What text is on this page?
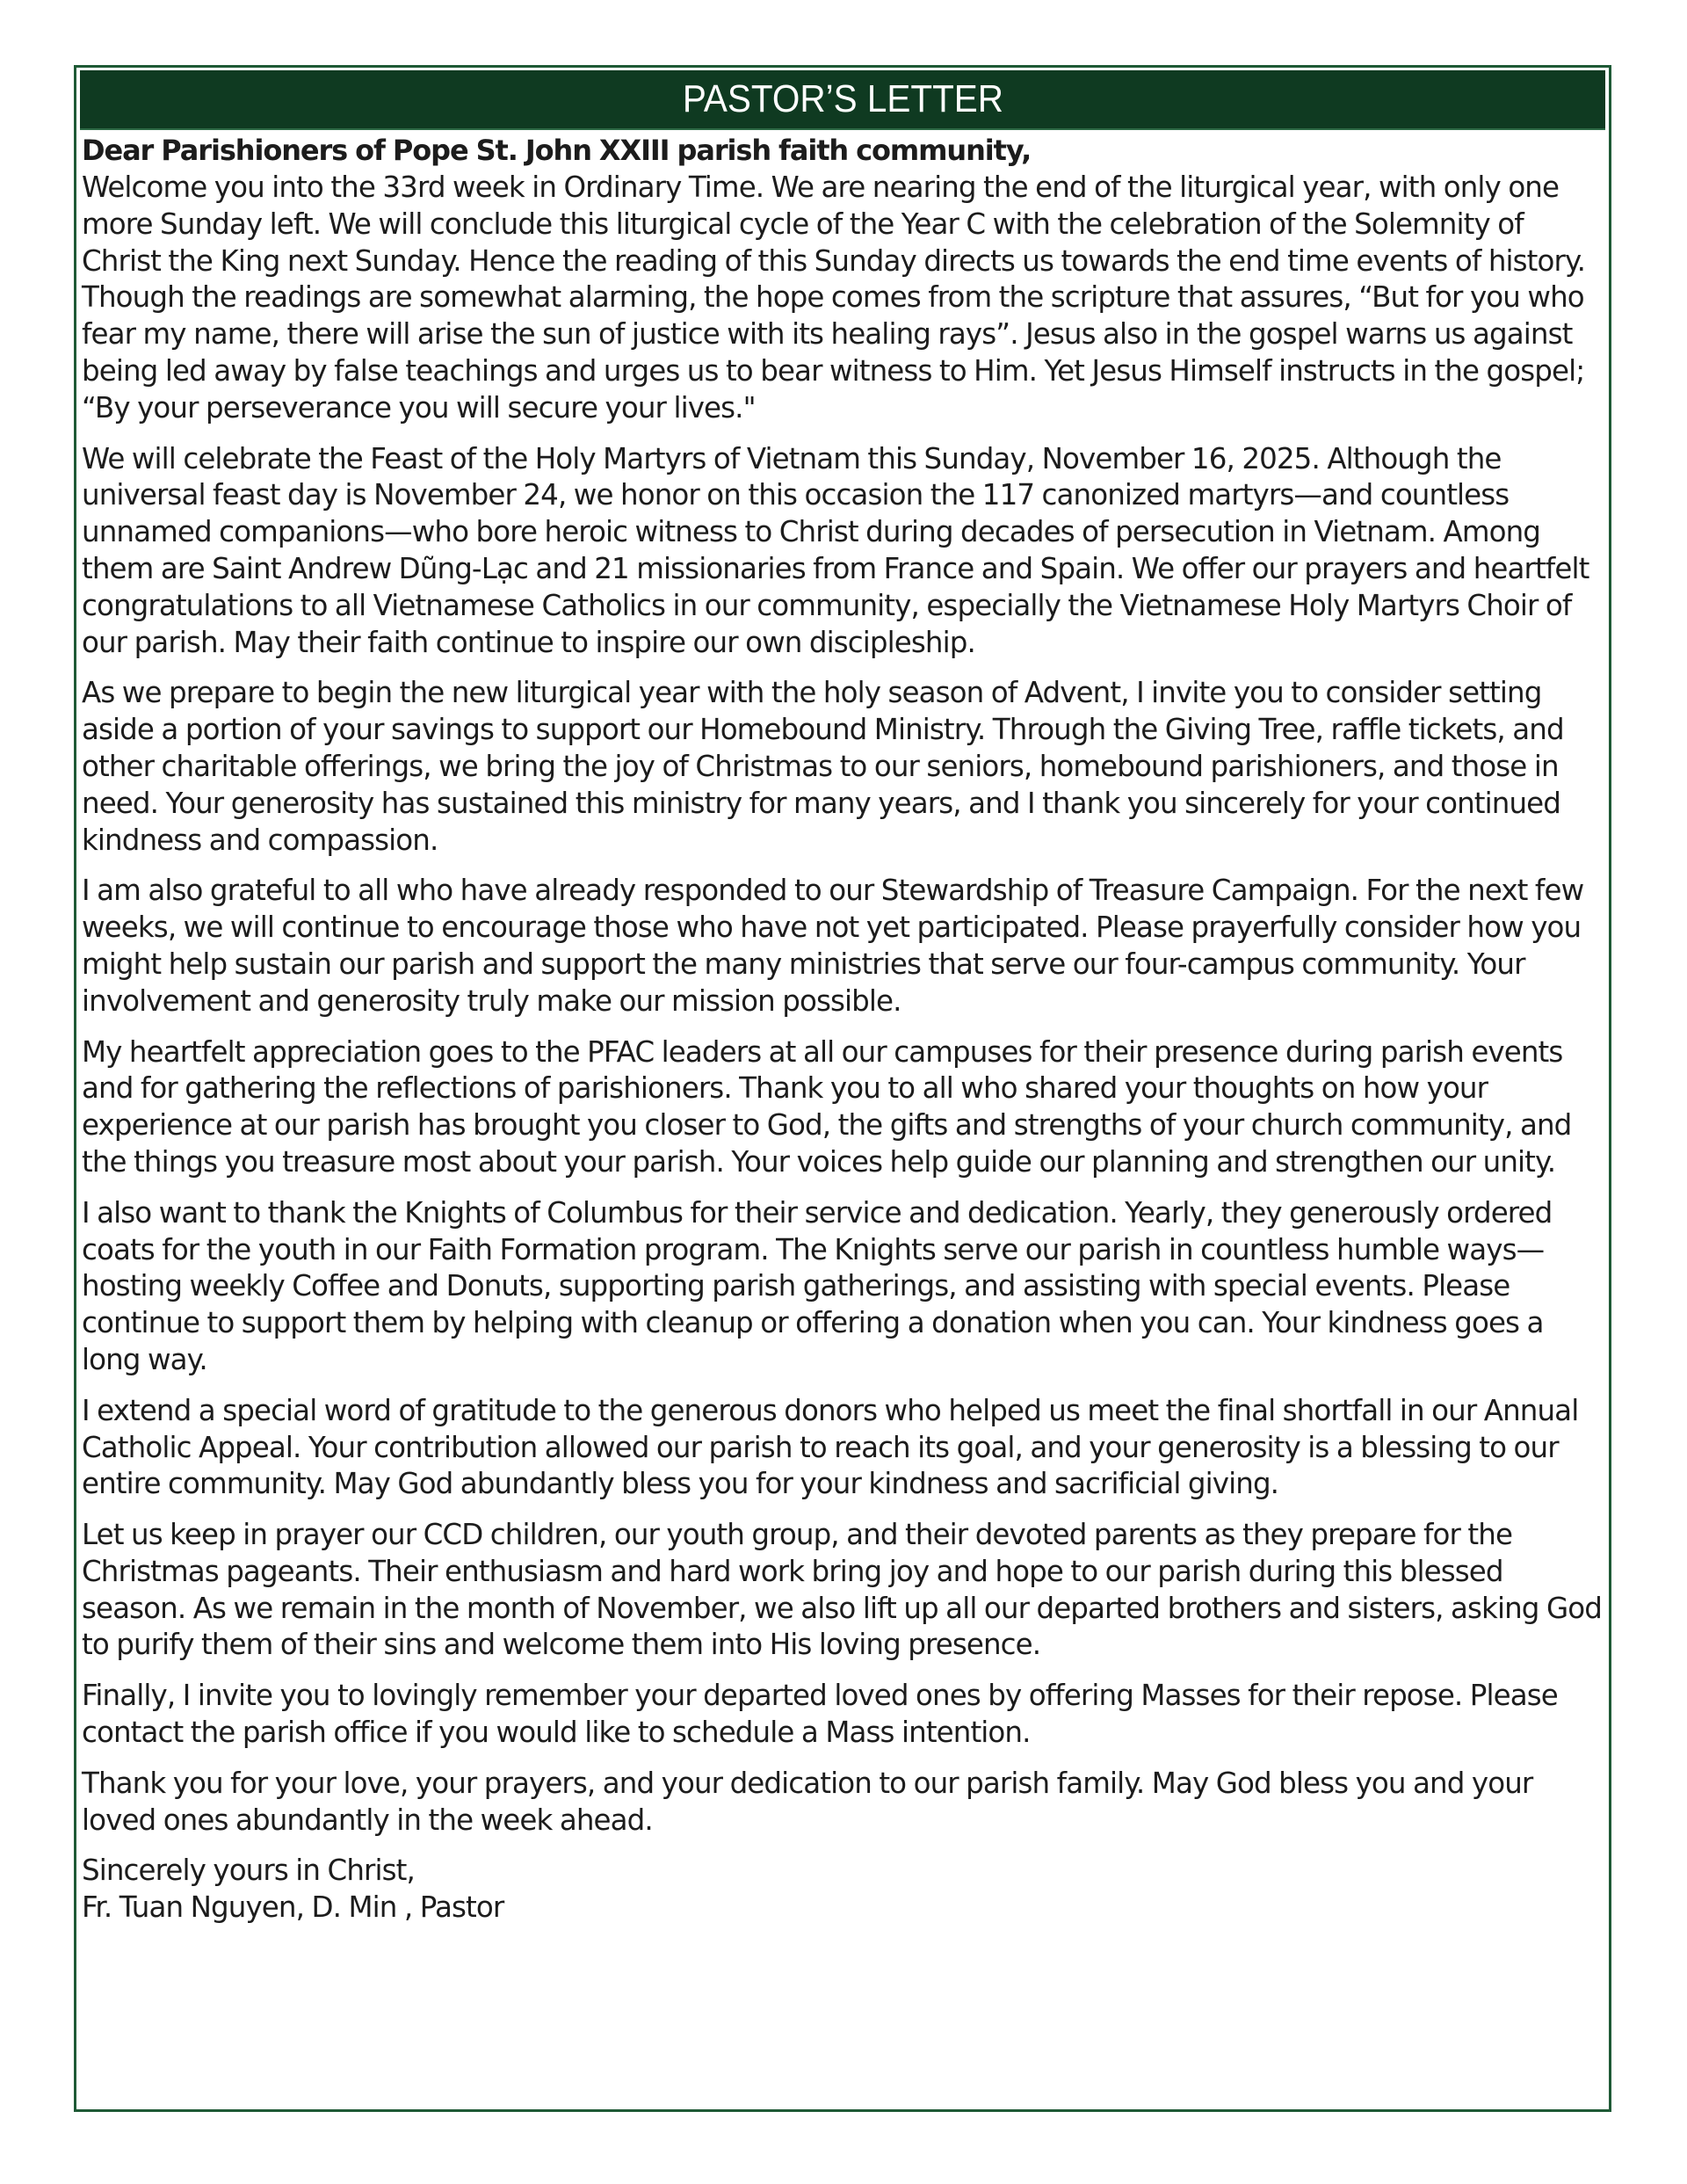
PASTOR’S LETTER

Dear Parishioners of Pope St. John XXIII parish faith community,

Welcome you into the 33rd week in Ordinary Time. We are nearing the end of the liturgical year, with only one more Sunday left. We will conclude this liturgical cycle of the Year C with the celebration of the Solemnity of Christ the King next Sunday. Hence the reading of this Sunday directs us towards the end time events of history. Though the readings are somewhat alarming, the hope comes from the scripture that assures, “But for you who fear my name, there will arise the sun of justice with its healing rays”. Jesus also in the gospel warns us against being led away by false teachings and urges us to bear witness to Him. Yet Jesus Himself instructs in the gospel; “By your perseverance you will secure your lives."

We will celebrate the Feast of the Holy Martyrs of Vietnam this Sunday, November 16, 2025. Although the universal feast day is November 24, we honor on this occasion the 117 canonized martyrs—and countless unnamed companions—who bore heroic witness to Christ during decades of persecution in Vietnam. Among them are Saint Andrew Dũng-Lạc and 21 missionaries from France and Spain. We offer our prayers and heartfelt congratulations to all Vietnamese Catholics in our community, especially the Vietnamese Holy Martyrs Choir of our parish. May their faith continue to inspire our own discipleship.

As we prepare to begin the new liturgical year with the holy season of Advent, I invite you to consider setting aside a portion of your savings to support our Homebound Ministry. Through the Giving Tree, raffle tickets, and other charitable offerings, we bring the joy of Christmas to our seniors, homebound parishioners, and those in need. Your generosity has sustained this ministry for many years, and I thank you sincerely for your continued kindness and compassion.

I am also grateful to all who have already responded to our Stewardship of Treasure Campaign. For the next few weeks, we will continue to encourage those who have not yet participated. Please prayerfully consider how you might help sustain our parish and support the many ministries that serve our four-campus community. Your involvement and generosity truly make our mission possible.

My heartfelt appreciation goes to the PFAC leaders at all our campuses for their presence during parish events and for gathering the reflections of parishioners. Thank you to all who shared your thoughts on how your experience at our parish has brought you closer to God, the gifts and strengths of your church community, and the things you treasure most about your parish. Your voices help guide our planning and strengthen our unity.

I also want to thank the Knights of Columbus for their service and dedication. Yearly, they generously ordered coats for the youth in our Faith Formation program. The Knights serve our parish in countless humble ways—hosting weekly Coffee and Donuts, supporting parish gatherings, and assisting with special events. Please continue to support them by helping with cleanup or offering a donation when you can. Your kindness goes a long way.

I extend a special word of gratitude to the generous donors who helped us meet the final shortfall in our Annual Catholic Appeal. Your contribution allowed our parish to reach its goal, and your generosity is a blessing to our entire community. May God abundantly bless you for your kindness and sacrificial giving.

Let us keep in prayer our CCD children, our youth group, and their devoted parents as they prepare for the Christmas pageants. Their enthusiasm and hard work bring joy and hope to our parish during this blessed season. As we remain in the month of November, we also lift up all our departed brothers and sisters, asking God to purify them of their sins and welcome them into His loving presence.

Finally, I invite you to lovingly remember your departed loved ones by offering Masses for their repose. Please contact the parish office if you would like to schedule a Mass intention.

Thank you for your love, your prayers, and your dedication to our parish family. May God bless you and your loved ones abundantly in the week ahead.

Sincerely yours in Christ,

Fr. Tuan Nguyen, D. Min , Pastor
